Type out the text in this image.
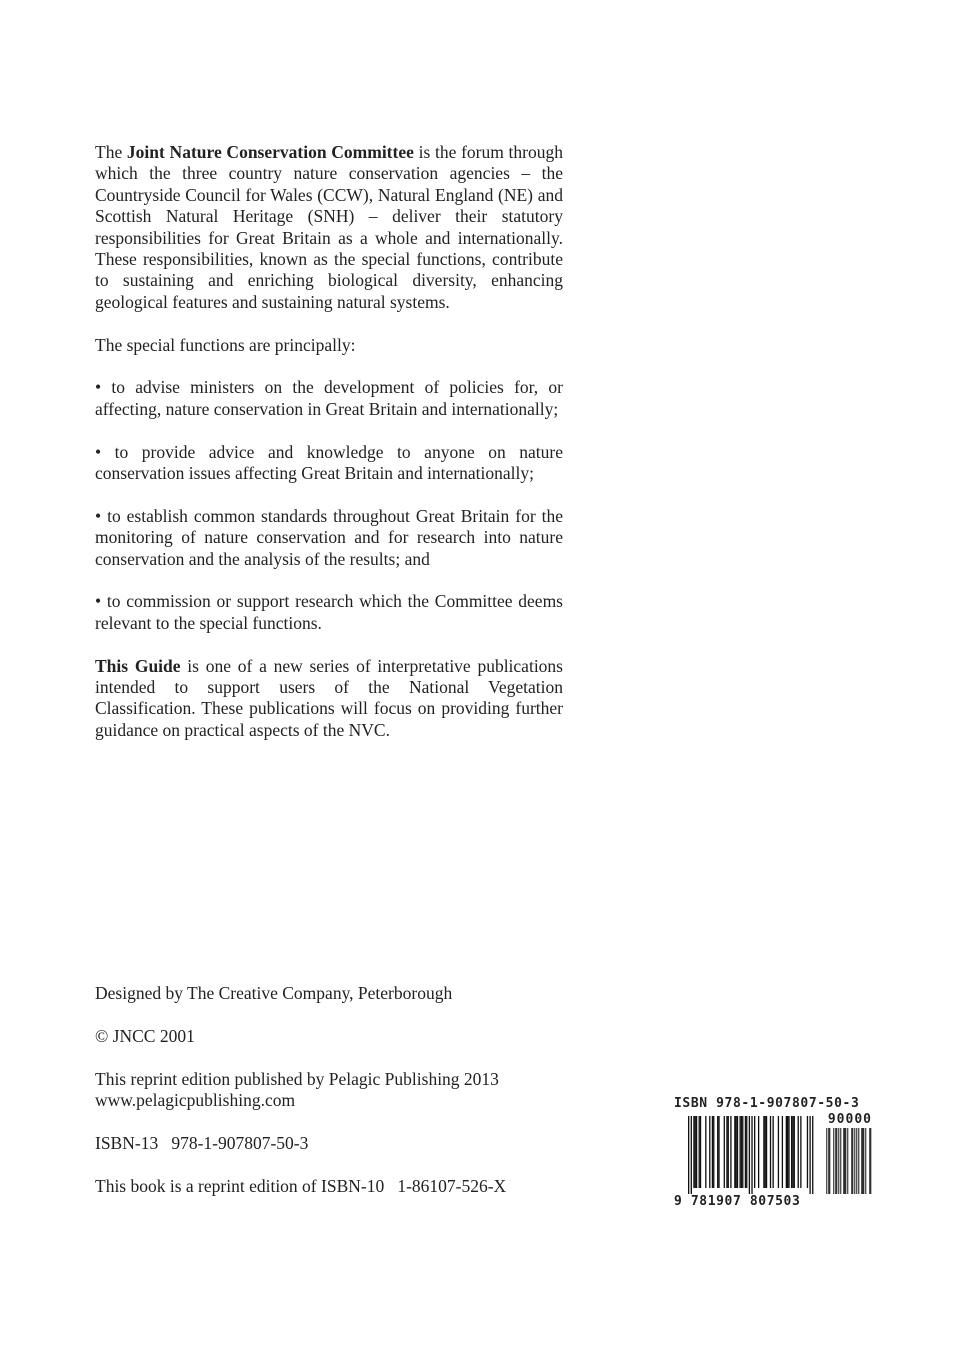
The Joint Nature Conservation Committee is the forum through which the three country nature conservation agencies – the Countryside Council for Wales (CCW), Natural England (NE) and Scottish Natural Heritage (SNH) – deliver their statutory responsibilities for Great Britain as a whole and internationally. These responsibilities, known as the special functions, contribute to sustaining and enriching biological diversity, enhancing geological features and sustaining natural systems.

The special functions are principally:

• to advise ministers on the development of policies for, or affecting, nature conservation in Great Britain and internationally;

• to provide advice and knowledge to anyone on nature conservation issues affecting Great Britain and internationally;

• to establish common standards throughout Great Britain for the monitoring of nature conservation and for research into nature conservation and the analysis of the results; and

• to commission or support research which the Committee deems relevant to the special functions.

This Guide is one of a new series of interpretative publications intended to support users of the National Vegetation Classification. These publications will focus on providing further guidance on practical aspects of the NVC.

Designed by The Creative Company, Peterborough

© JNCC 2001

This reprint edition published by Pelagic Publishing 2013
www.pelagicpublishing.com

ISBN-13   978-1-907807-50-3

This book is a reprint edition of ISBN-10   1-86107-526-X

ISBN 978-1-907807-50-3
90000
9 781907 807503
